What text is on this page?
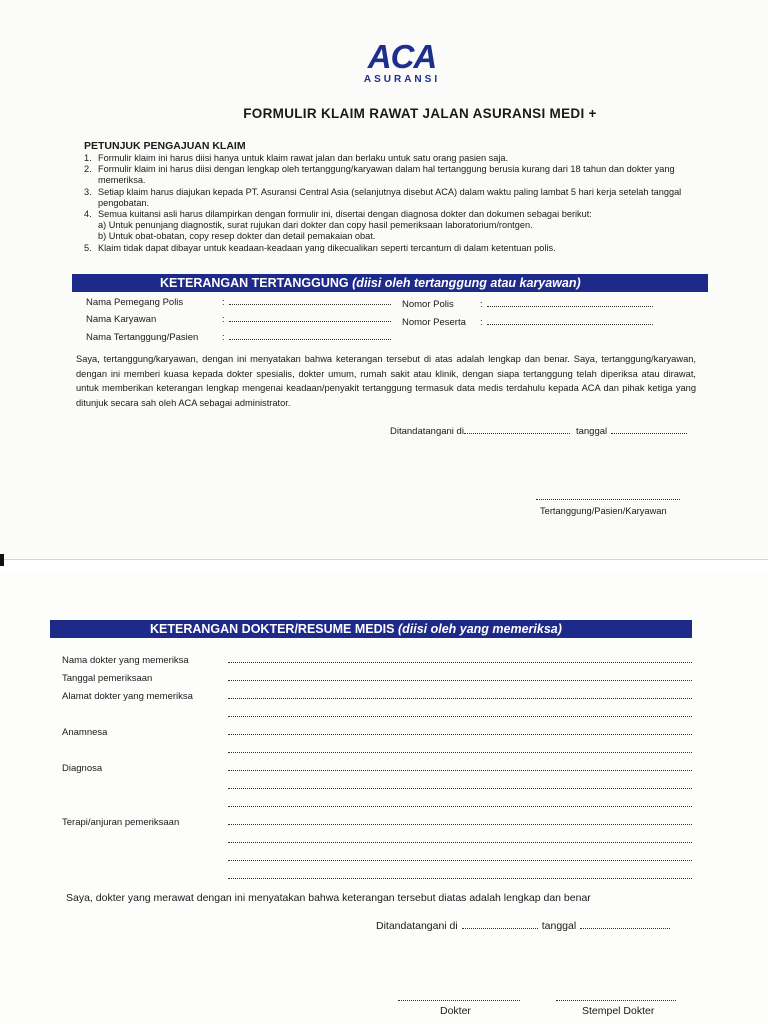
ACA
ASURANSI
FORMULIR KLAIM RAWAT JALAN ASURANSI MEDI +
PETUNJUK PENGAJUAN KLAIM
1. Formulir klaim ini harus diisi hanya untuk klaim rawat jalan dan berlaku untuk satu orang pasien saja.
2. Formulir klaim ini harus diisi dengan lengkap oleh tertanggung/karyawan dalam hal tertanggung berusia kurang dari 18 tahun dan dokter yang memeriksa.
3. Setiap klaim harus diajukan kepada PT. Asuransi Central Asia (selanjutnya disebut ACA) dalam waktu paling lambat 5 hari kerja setelah tanggal pengobatan.
4. Semua kuitansi asli harus dilampirkan dengan formulir ini, disertai dengan diagnosa dokter dan dokumen sebagai berikut:
a) Untuk penunjang diagnostik, surat rujukan dari dokter dan copy hasil pemeriksaan laboratorium/rontgen.
b) Untuk obat-obatan, copy resep dokter dan detail pemakaian obat.
5. Klaim tidak dapat dibayar untuk keadaan-keadaan yang dikecualikan seperti tercantum di dalam ketentuan polis.
KETERANGAN TERTANGGUNG (diisi oleh tertanggung atau karyawan)
Nama Pemegang Polis	:	Nomor Polis	:
Nama Karyawan	:	Nomor Peserta	:
Nama Tertanggung/Pasien	:
Saya, tertanggung/karyawan, dengan ini menyatakan bahwa keterangan tersebut di atas adalah lengkap dan benar. Saya, tertanggung/karyawan, dengan ini memberi kuasa kepada dokter spesialis, dokter umum, rumah sakit atau klinik, dengan siapa tertanggung telah diperiksa atau dirawat, untuk memberikan keterangan lengkap mengenai keadaan/penyakit tertanggung termasuk data medis terdahulu kepada ACA dan pihak ketiga yang ditunjuk secara sah oleh ACA sebagai administrator.
Ditandatangani di	tanggal
Tertanggung/Pasien/Karyawan
KETERANGAN DOKTER/RESUME MEDIS (diisi oleh yang memeriksa)
Nama dokter yang memeriksa
Tanggal pemeriksaan
Alamat dokter yang memeriksa
Anamnesa
Diagnosa
Terapi/anjuran pemeriksaan
Saya, dokter yang merawat dengan ini menyatakan bahwa keterangan tersebut diatas adalah lengkap dan benar
Ditandatangani di	tanggal
Dokter	Stempel Dokter
